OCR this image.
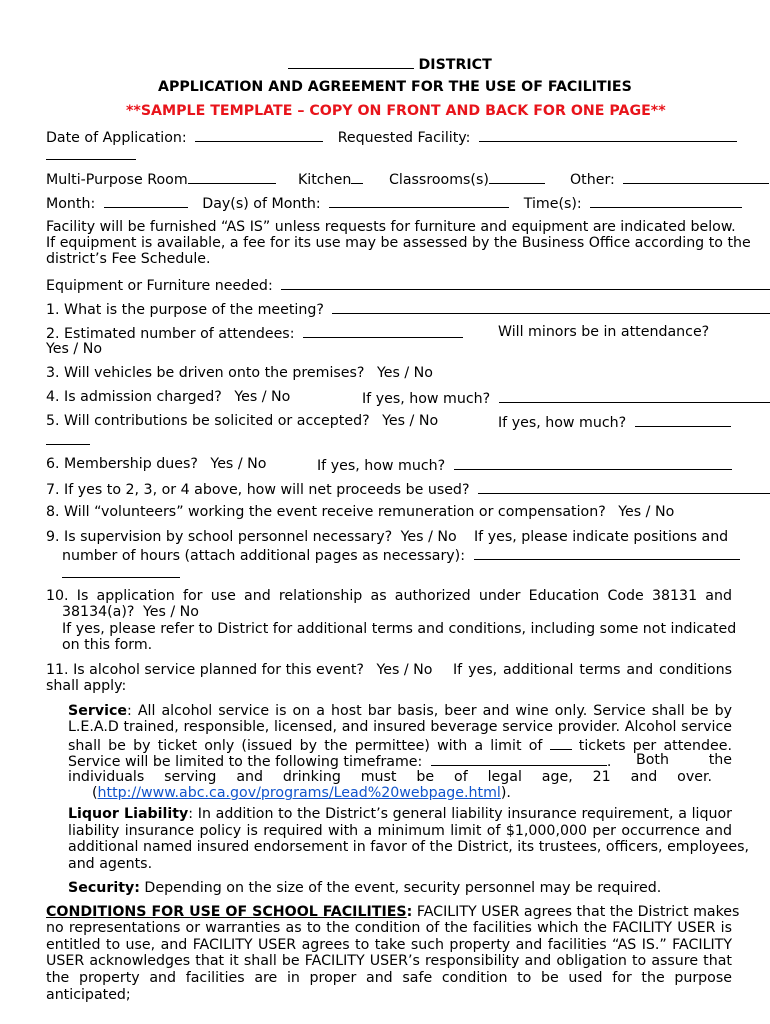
DISTRICT
APPLICATION AND AGREEMENT FOR THE USE OF FACILITIES
**SAMPLE TEMPLATE – COPY ON FRONT AND BACK FOR ONE PAGE**
Date of Application:	Requested Facility:
Multi-Purpose Room	Kitchen	Classrooms(s)	Other:
Month:	Day(s) of Month:	Time(s):
Facility will be furnished “AS IS” unless requests for furniture and equipment are indicated below.
If equipment is available, a fee for its use may be assessed by the Business Office according to the
district’s Fee Schedule.
Equipment or Furniture needed:
1. What is the purpose of the meeting?
2. Estimated number of attendees:	Will minors be in attendance?
Yes / No
3. Will vehicles be driven onto the premises? Yes / No
4. Is admission charged? Yes / No	If yes, how much?
5. Will contributions be solicited or accepted? Yes / No	If yes, how much?
6. Membership dues? Yes / No	If yes, how much?
7. If yes to 2, 3, or 4 above, how will net proceeds be used?
8. Will “volunteers” working the event receive remuneration or compensation? Yes / No
9. Is supervision by school personnel necessary? Yes / No If yes, please indicate positions and
number of hours (attach additional pages as necessary):
10. Is application for use and relationship as authorized under Education Code 38131 and
38134(a)? Yes / No
If yes, please refer to District for additional terms and conditions, including some not indicated
on this form.
11. Is alcohol service planned for this event? Yes / No If yes, additional terms and conditions
shall apply:
Service: All alcohol service is on a host bar basis, beer and wine only. Service shall be by
L.E.A.D trained, responsible, licensed, and insured beverage service provider. Alcohol service
shall be by ticket only (issued by the permittee) with a limit of	tickets per attendee.
Service will be limited to the following timeframe:	. Both the
individuals serving and drinking must be of legal age, 21 and over.
(http://www.abc.ca.gov/programs/Lead%20webpage.html).
Liquor Liability: In addition to the District’s general liability insurance requirement, a liquor
liability insurance policy is required with a minimum limit of $1,000,000 per occurrence and
additional named insured endorsement in favor of the District, its trustees, officers, employees,
and agents.
Security: Depending on the size of the event, security personnel may be required.
CONDITIONS FOR USE OF SCHOOL FACILITIES: FACILITY USER agrees that the District makes
no representations or warranties as to the condition of the facilities which the FACILITY USER is
entitled to use, and FACILITY USER agrees to take such property and facilities “AS IS.” FACILITY
USER acknowledges that it shall be FACILITY USER’s responsibility and obligation to assure that
the property and facilities are in proper and safe condition to be used for the purpose anticipated;
